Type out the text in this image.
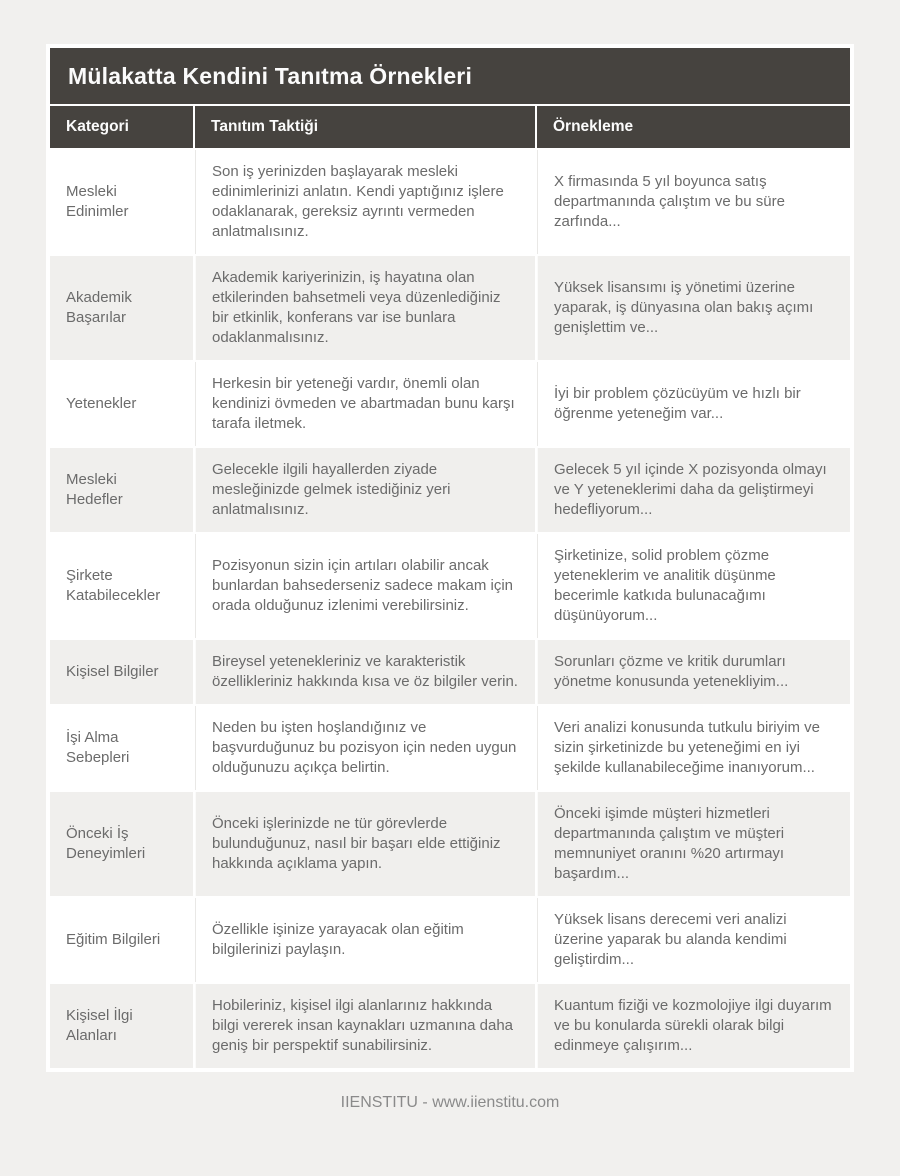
Mülakatta Kendini Tanıtma Örnekleri
Kategori	Tanıtım Taktiği	Örnekleme
Mesleki Edinimler	Son iş yerinizden başlayarak mesleki edinimlerinizi anlatın. Kendi yaptığınız işlere odaklanarak, gereksiz ayrıntı vermeden anlatmalısınız.	X firmasında 5 yıl boyunca satış departmanında çalıştım ve bu süre zarfında...
Akademik Başarılar	Akademik kariyerinizin, iş hayatına olan etkilerinden bahsetmeli veya düzenlediğiniz bir etkinlik, konferans var ise bunlara odaklanmalısınız.	Yüksek lisansımı iş yönetimi üzerine yaparak, iş dünyasına olan bakış açımı genişlettim ve...
Yetenekler	Herkesin bir yeteneği vardır, önemli olan kendinizi övmeden ve abartmadan bunu karşı tarafa iletmek.	İyi bir problem çözücüyüm ve hızlı bir öğrenme yeteneğim var...
Mesleki Hedefler	Gelecekle ilgili hayallerden ziyade mesleğinizde gelmek istediğiniz yeri anlatmalısınız.	Gelecek 5 yıl içinde X pozisyonda olmayı ve Y yeteneklerimi daha da geliştirmeyi hedefliyorum...
Şirkete Katabilecekler	Pozisyonun sizin için artıları olabilir ancak bunlardan bahsederseniz sadece makam için orada olduğunuz izlenimi verebilirsiniz.	Şirketinize, solid problem çözme yeteneklerim ve analitik düşünme becerimle katkıda bulunacağımı düşünüyorum...
Kişisel Bilgiler	Bireysel yetenekleriniz ve karakteristik özellikleriniz hakkında kısa ve öz bilgiler verin.	Sorunları çözme ve kritik durumları yönetme konusunda yetenekliyim...
İşi Alma Sebepleri	Neden bu işten hoşlandığınız ve başvurduğunuz bu pozisyon için neden uygun olduğunuzu açıkça belirtin.	Veri analizi konusunda tutkulu biriyim ve sizin şirketinizde bu yeteneğimi en iyi şekilde kullanabileceğime inanıyorum...
Önceki İş Deneyimleri	Önceki işlerinizde ne tür görevlerde bulunduğunuz, nasıl bir başarı elde ettiğiniz hakkında açıklama yapın.	Önceki işimde müşteri hizmetleri departmanında çalıştım ve müşteri memnuniyet oranını %20 artırmayı başardım...
Eğitim Bilgileri	Özellikle işinize yarayacak olan eğitim bilgilerinizi paylaşın.	Yüksek lisans derecemi veri analizi üzerine yaparak bu alanda kendimi geliştirdim...
Kişisel İlgi Alanları	Hobileriniz, kişisel ilgi alanlarınız hakkında bilgi vererek insan kaynakları uzmanına daha geniş bir perspektif sunabilirsiniz.	Kuantum fiziği ve kozmolojiye ilgi duyarım ve bu konularda sürekli olarak bilgi edinmeye çalışırım...
IIENSTITU - www.iienstitu.com
